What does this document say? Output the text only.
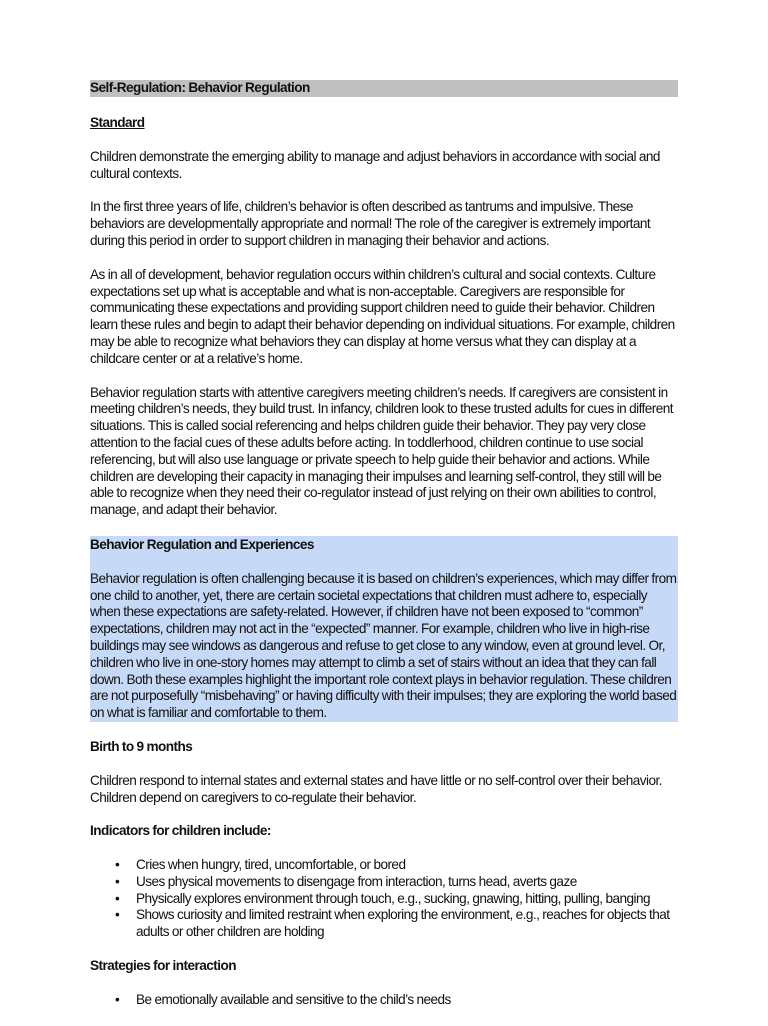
Self-Regulation: Behavior Regulation
Standard

Children demonstrate the emerging ability to manage and adjust behaviors in accordance with social and cultural contexts.

In the first three years of life, children’s behavior is often described as tantrums and impulsive. These behaviors are developmentally appropriate and normal! The role of the caregiver is extremely important during this period in order to support children in managing their behavior and actions.

As in all of development, behavior regulation occurs within children’s cultural and social contexts. Culture expectations set up what is acceptable and what is non-acceptable. Caregivers are responsible for communicating these expectations and providing support children need to guide their behavior. Children learn these rules and begin to adapt their behavior depending on individual situations. For example, children may be able to recognize what behaviors they can display at home versus what they can display at a childcare center or at a relative’s home.

Behavior regulation starts with attentive caregivers meeting children’s needs. If caregivers are consistent in meeting children’s needs, they build trust. In infancy, children look to these trusted adults for cues in different situations. This is called social referencing and helps children guide their behavior. They pay very close attention to the facial cues of these adults before acting. In toddlerhood, children continue to use social referencing, but will also use language or private speech to help guide their behavior and actions. While children are developing their capacity in managing their impulses and learning self-control, they still will be able to recognize when they need their co-regulator instead of just relying on their own abilities to control, manage, and adapt their behavior.

Behavior Regulation and Experiences

Behavior regulation is often challenging because it is based on children’s experiences, which may differ from one child to another, yet, there are certain societal expectations that children must adhere to, especially when these expectations are safety-related. However, if children have not been exposed to “common” expectations, children may not act in the “expected” manner. For example, children who live in high-rise buildings may see windows as dangerous and refuse to get close to any window, even at ground level. Or, children who live in one-story homes may attempt to climb a set of stairs without an idea that they can fall down. Both these examples highlight the important role context plays in behavior regulation. These children are not purposefully “misbehaving” or having difficulty with their impulses; they are exploring the world based on what is familiar and comfortable to them.

Birth to 9 months

Children respond to internal states and external states and have little or no self-control over their behavior. Children depend on caregivers to co-regulate their behavior.

Indicators for children include:
• Cries when hungry, tired, uncomfortable, or bored
• Uses physical movements to disengage from interaction, turns head, averts gaze
• Physically explores environment through touch, e.g., sucking, gnawing, hitting, pulling, banging
• Shows curiosity and limited restraint when exploring the environment, e.g., reaches for objects that adults or other children are holding
Strategies for interaction
• Be emotionally available and sensitive to the child’s needs
